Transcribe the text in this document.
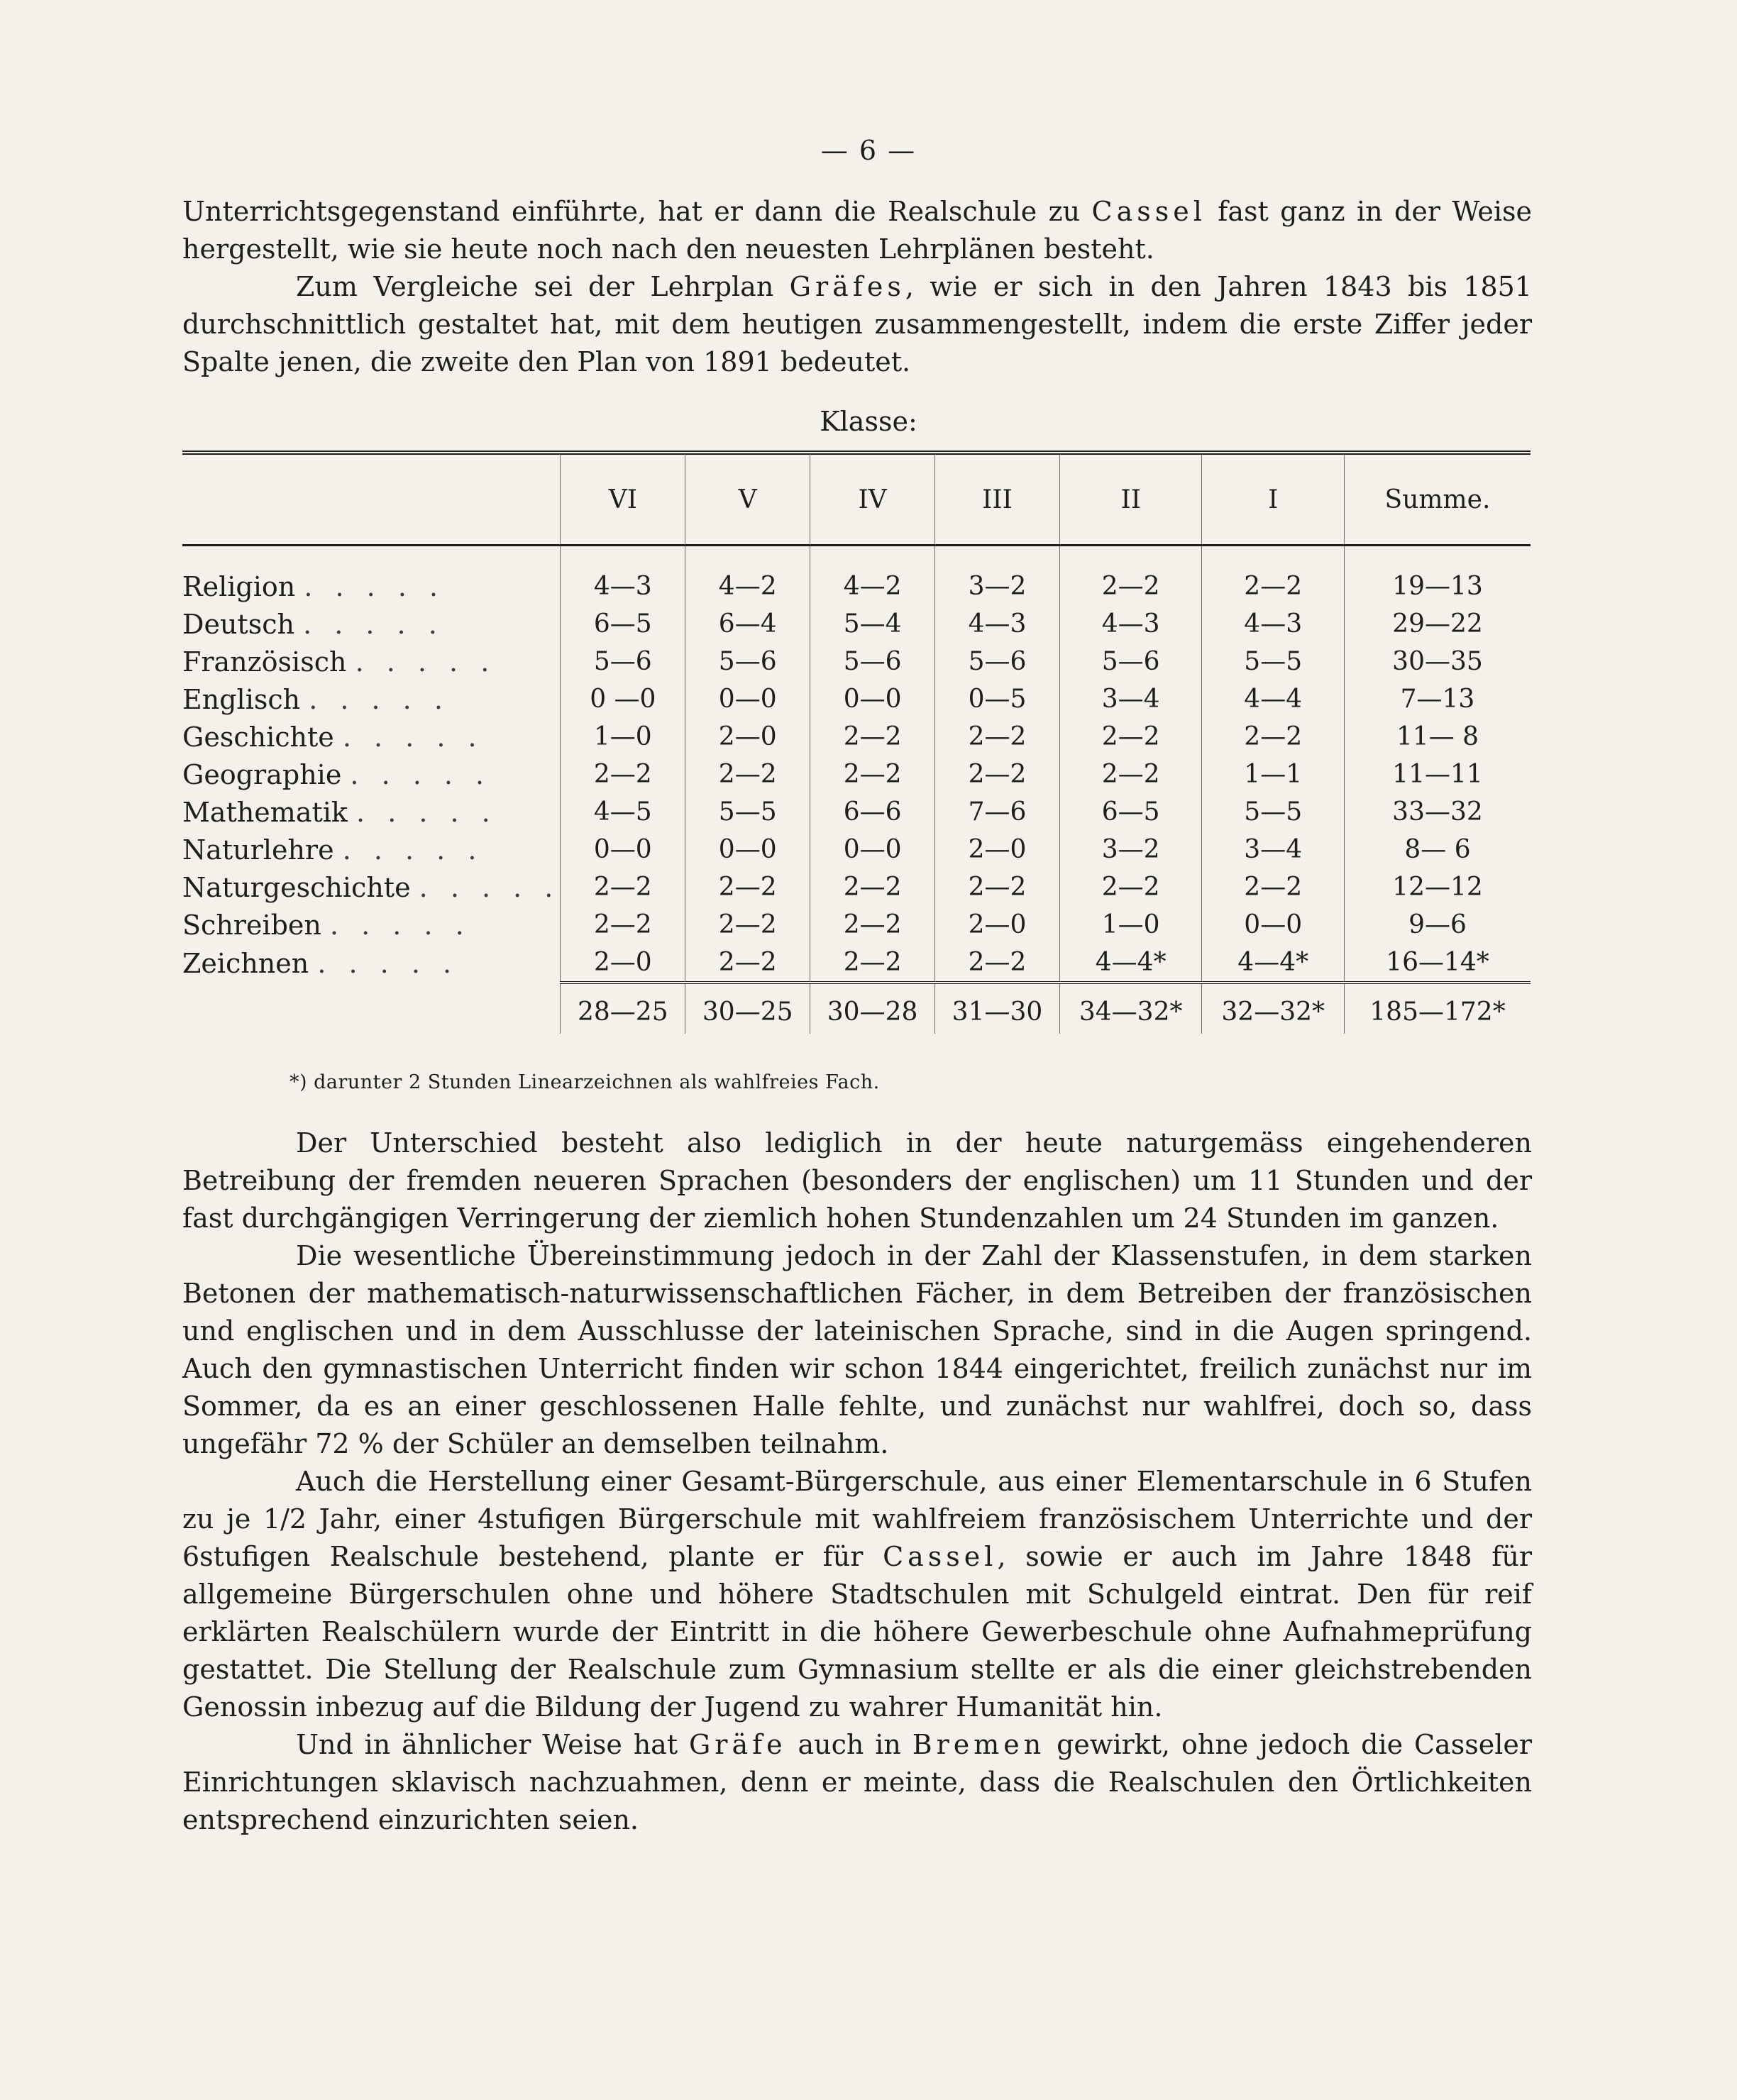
— 6 —

Unterrichtsgegenstand einführte, hat er dann die Realschule zu Cassel fast ganz in der Weise hergestellt, wie sie heute noch nach den neuesten Lehrplänen besteht.

Zum Vergleiche sei der Lehrplan Gräfes, wie er sich in den Jahren 1843 bis 1851 durchschnittlich gestaltet hat, mit dem heutigen zusammengestellt, indem die erste Ziffer jeder Spalte jenen, die zweite den Plan von 1891 bedeutet.

Klasse:
	VI	V	IV	III	II	I	Summe.
Religion . . . . .	4—3	4—2	4—2	3—2	2—2	2—2	19—13
Deutsch . . . . .	6—5	6—4	5—4	4—3	4—3	4—3	29—22
Französisch . . . . .	5—6	5—6	5—6	5—6	5—6	5—5	30—35
Englisch . . . . .	0 —0	0—0	0—0	0—5	3—4	4—4	7—13
Geschichte . . . . .	1—0	2—0	2—2	2—2	2—2	2—2	11— 8
Geographie . . . . .	2—2	2—2	2—2	2—2	2—2	1—1	11—11
Mathematik . . . . .	4—5	5—5	6—6	7—6	6—5	5—5	33—32
Naturlehre . . . . .	0—0	0—0	0—0	2—0	3—2	3—4	8— 6
Naturgeschichte . . . . .	2—2	2—2	2—2	2—2	2—2	2—2	12—12
Schreiben . . . . .	2—2	2—2	2—2	2—0	1—0	0—0	9—6
Zeichnen . . . . .	2—0	2—2	2—2	2—2	4—4*	4—4*	16—14*
	28—25	30—25	30—28	31—30	34—32*	32—32*	185—172*
*) darunter 2 Stunden Linearzeichnen als wahlfreies Fach.

Der Unterschied besteht also lediglich in der heute naturgemäss eingehenderen Betreibung der fremden neueren Sprachen (besonders der englischen) um 11 Stunden und der fast durchgängigen Verringerung der ziemlich hohen Stundenzahlen um 24 Stunden im ganzen.

Die wesentliche Übereinstimmung jedoch in der Zahl der Klassenstufen, in dem starken Betonen der mathematisch-naturwissenschaftlichen Fächer, in dem Betreiben der französischen und englischen und in dem Ausschlusse der lateinischen Sprache, sind in die Augen springend. Auch den gymnastischen Unterricht finden wir schon 1844 eingerichtet, freilich zunächst nur im Sommer, da es an einer geschlossenen Halle fehlte, und zunächst nur wahlfrei, doch so, dass ungefähr 72 % der Schüler an demselben teilnahm.

Auch die Herstellung einer Gesamt-Bürgerschule, aus einer Elementarschule in 6 Stufen zu je 1/2 Jahr, einer 4stufigen Bürgerschule mit wahlfreiem französischem Unterrichte und der 6stufigen Realschule bestehend, plante er für Cassel, sowie er auch im Jahre 1848 für allgemeine Bürgerschulen ohne und höhere Stadtschulen mit Schulgeld eintrat. Den für reif erklärten Realschülern wurde der Eintritt in die höhere Gewerbeschule ohne Aufnahmeprüfung gestattet. Die Stellung der Realschule zum Gymnasium stellte er als die einer gleichstrebenden Genossin inbezug auf die Bildung der Jugend zu wahrer Humanität hin.

Und in ähnlicher Weise hat Gräfe auch in Bremen gewirkt, ohne jedoch die Casseler Einrichtungen sklavisch nachzuahmen, denn er meinte, dass die Realschulen den Örtlichkeiten entsprechend einzurichten seien.
